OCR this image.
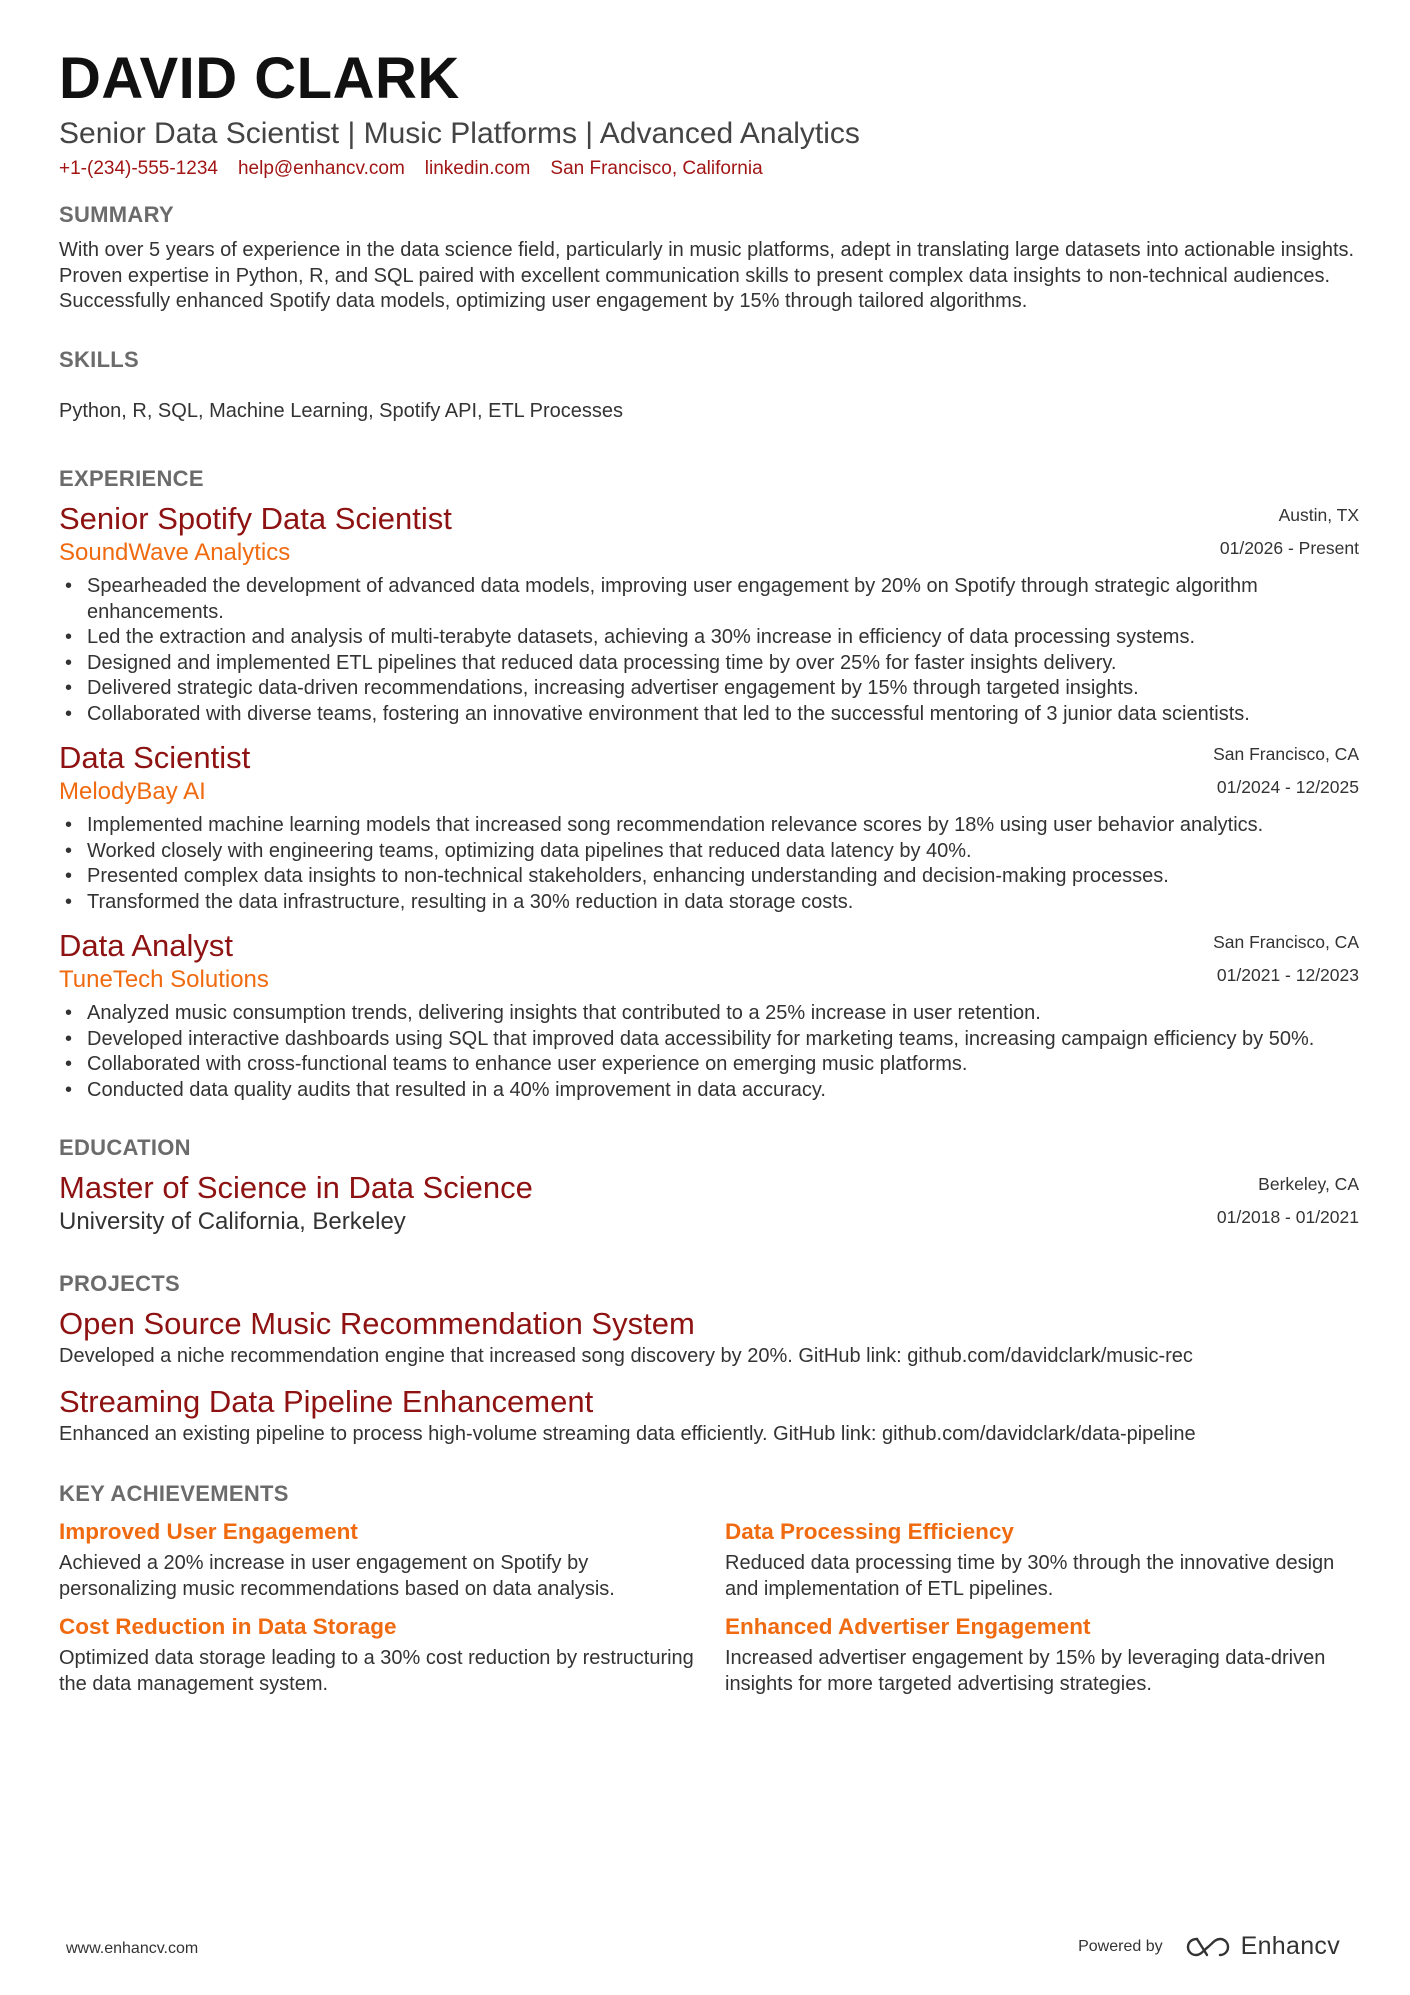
DAVID CLARK
Senior Data Scientist | Music Platforms | Advanced Analytics
+1-(234)-555-1234 help@enhancv.com linkedin.com San Francisco, California
SUMMARY
With over 5 years of experience in the data science field, particularly in music platforms, adept in translating large datasets into actionable insights. Proven expertise in Python, R, and SQL paired with excellent communication skills to present complex data insights to non-technical audiences. Successfully enhanced Spotify data models, optimizing user engagement by 15% through tailored algorithms.
SKILLS
Python, R, SQL, Machine Learning, Spotify API, ETL Processes
EXPERIENCE
Senior Spotify Data Scientist
SoundWave Analytics
Austin, TX
01/2026 - Present
• Spearheaded the development of advanced data models, improving user engagement by 20% on Spotify through strategic algorithm enhancements.
• Led the extraction and analysis of multi-terabyte datasets, achieving a 30% increase in efficiency of data processing systems.
• Designed and implemented ETL pipelines that reduced data processing time by over 25% for faster insights delivery.
• Delivered strategic data-driven recommendations, increasing advertiser engagement by 15% through targeted insights.
• Collaborated with diverse teams, fostering an innovative environment that led to the successful mentoring of 3 junior data scientists.
Data Scientist
MelodyBay AI
San Francisco, CA
01/2024 - 12/2025
• Implemented machine learning models that increased song recommendation relevance scores by 18% using user behavior analytics.
• Worked closely with engineering teams, optimizing data pipelines that reduced data latency by 40%.
• Presented complex data insights to non-technical stakeholders, enhancing understanding and decision-making processes.
• Transformed the data infrastructure, resulting in a 30% reduction in data storage costs.
Data Analyst
TuneTech Solutions
San Francisco, CA
01/2021 - 12/2023
• Analyzed music consumption trends, delivering insights that contributed to a 25% increase in user retention.
• Developed interactive dashboards using SQL that improved data accessibility for marketing teams, increasing campaign efficiency by 50%.
• Collaborated with cross-functional teams to enhance user experience on emerging music platforms.
• Conducted data quality audits that resulted in a 40% improvement in data accuracy.
EDUCATION
Master of Science in Data Science
University of California, Berkeley
Berkeley, CA
01/2018 - 01/2021
PROJECTS
Open Source Music Recommendation System
Developed a niche recommendation engine that increased song discovery by 20%. GitHub link: github.com/davidclark/music-rec
Streaming Data Pipeline Enhancement
Enhanced an existing pipeline to process high-volume streaming data efficiently. GitHub link: github.com/davidclark/data-pipeline
KEY ACHIEVEMENTS
Improved User Engagement
Achieved a 20% increase in user engagement on Spotify by personalizing music recommendations based on data analysis.
Data Processing Efficiency
Reduced data processing time by 30% through the innovative design and implementation of ETL pipelines.
Cost Reduction in Data Storage
Optimized data storage leading to a 30% cost reduction by restructuring the data management system.
Enhanced Advertiser Engagement
Increased advertiser engagement by 15% by leveraging data-driven insights for more targeted advertising strategies.
www.enhancv.com	Powered by	Enhancv
